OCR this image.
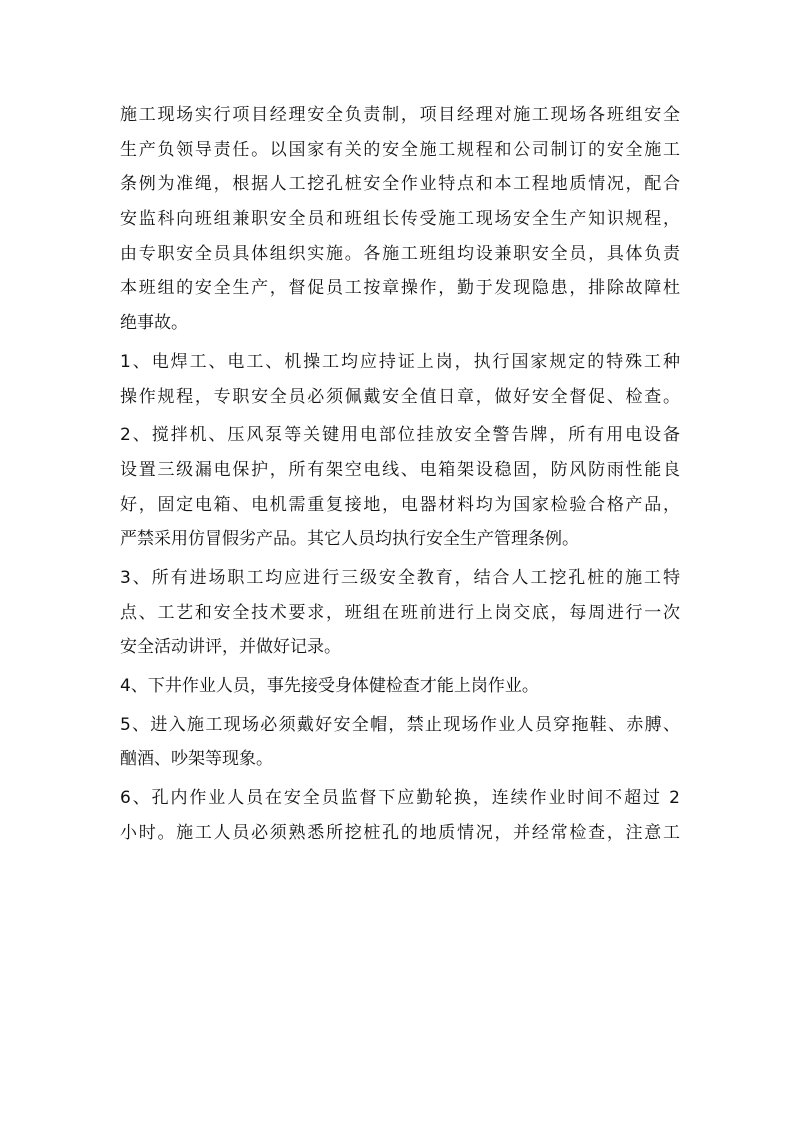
施工现场实行项目经理安全负责制，项目经理对施工现场各班组安全
生产负领导责任。以国家有关的安全施工规程和公司制订的安全施工
条例为准绳，根据人工挖孔桩安全作业特点和本工程地质情况，配合
安监科向班组兼职安全员和班组长传受施工现场安全生产知识规程，
由专职安全员具体组织实施。各施工班组均设兼职安全员，具体负责
本班组的安全生产，督促员工按章操作，勤于发现隐患，排除故障杜
绝事故。
1、电焊工、电工、机操工均应持证上岗，执行国家规定的特殊工种
操作规程，专职安全员必须佩戴安全值日章，做好安全督促、检查。
2、搅拌机、压风泵等关键用电部位挂放安全警告牌，所有用电设备
设置三级漏电保护，所有架空电线、电箱架设稳固，防风防雨性能良
好，固定电箱、电机需重复接地，电器材料均为国家检验合格产品，
严禁采用仿冒假劣产品。其它人员均执行安全生产管理条例。
3、所有进场职工均应进行三级安全教育，结合人工挖孔桩的施工特
点、工艺和安全技术要求，班组在班前进行上岗交底，每周进行一次
安全活动讲评，并做好记录。
4、下井作业人员，事先接受身体健检查才能上岗作业。
5、进入施工现场必须戴好安全帽，禁止现场作业人员穿拖鞋、赤膊、
酗酒、吵架等现象。
6、孔内作业人员在安全员监督下应勤轮换，连续作业时间不超过 2
小时。施工人员必须熟悉所挖桩孔的地质情况，并经常检查，注意工
